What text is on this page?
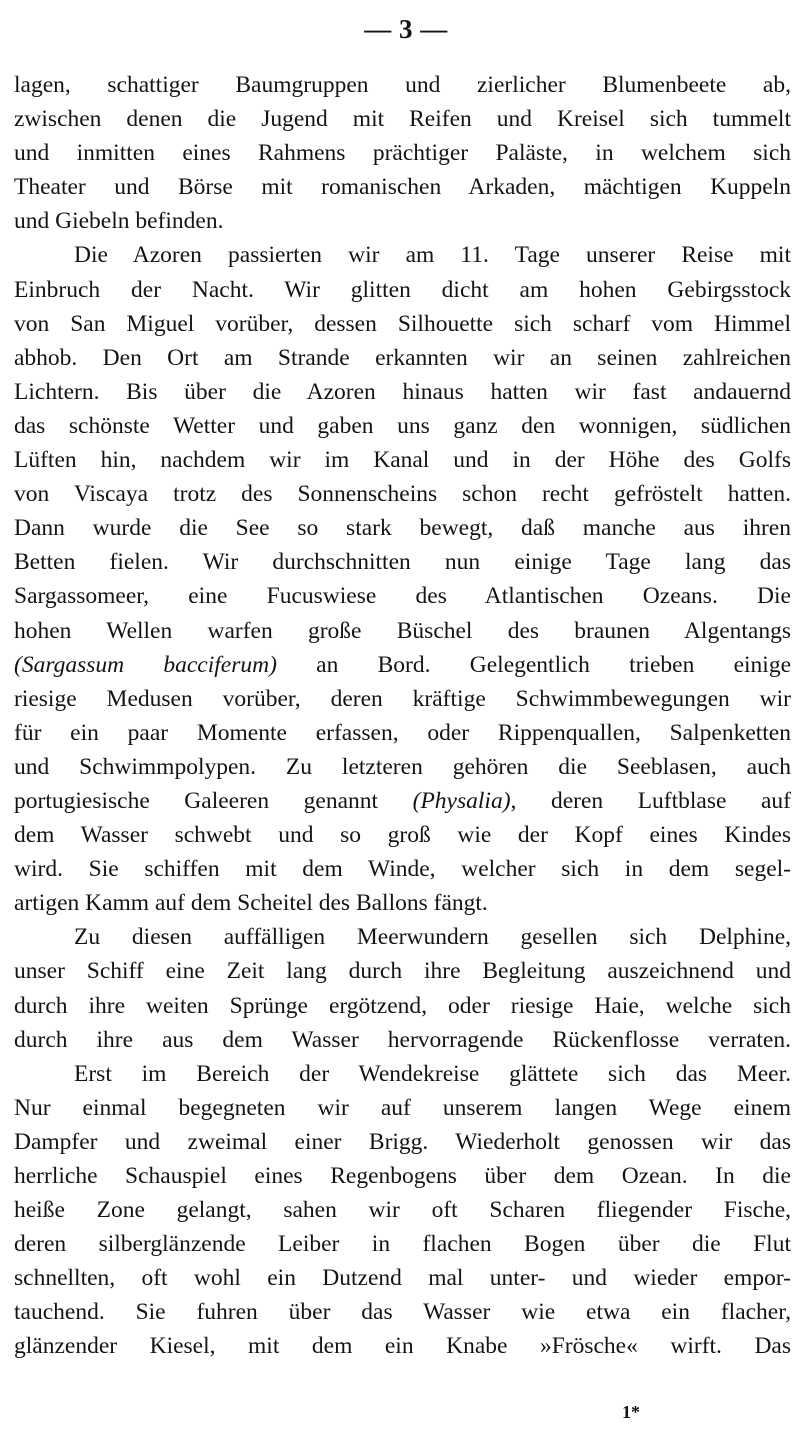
— 3 —
lagen, schattiger Baumgruppen und zierlicher Blumenbeete ab,
zwischen denen die Jugend mit Reifen und Kreisel sich tummelt
und inmitten eines Rahmens prächtiger Paläste, in welchem sich
Theater und Börse mit romanischen Arkaden, mächtigen Kuppeln
und Giebeln befinden.
Die Azoren passierten wir am 11. Tage unserer Reise mit
Einbruch der Nacht. Wir glitten dicht am hohen Gebirgsstock
von San Miguel vorüber, dessen Silhouette sich scharf vom Himmel
abhob. Den Ort am Strande erkannten wir an seinen zahlreichen
Lichtern. Bis über die Azoren hinaus hatten wir fast andauernd
das schönste Wetter und gaben uns ganz den wonnigen, südlichen
Lüften hin, nachdem wir im Kanal und in der Höhe des Golfs
von Viscaya trotz des Sonnenscheins schon recht gefröstelt hatten.
Dann wurde die See so stark bewegt, daß manche aus ihren
Betten fielen. Wir durchschnitten nun einige Tage lang das
Sargassomeer, eine Fucuswiese des Atlantischen Ozeans. Die
hohen Wellen warfen große Büschel des braunen Algentangs
(Sargassum bacciferum) an Bord. Gelegentlich trieben einige
riesige Medusen vorüber, deren kräftige Schwimmbewegungen wir
für ein paar Momente erfassen, oder Rippenquallen, Salpenketten
und Schwimmpolypen. Zu letzteren gehören die Seeblasen, auch
portugiesische Galeeren genannt (Physalia), deren Luftblase auf
dem Wasser schwebt und so groß wie der Kopf eines Kindes
wird. Sie schiffen mit dem Winde, welcher sich in dem segel-
artigen Kamm auf dem Scheitel des Ballons fängt.
Zu diesen auffälligen Meerwundern gesellen sich Delphine,
unser Schiff eine Zeit lang durch ihre Begleitung auszeichnend und
durch ihre weiten Sprünge ergötzend, oder riesige Haie, welche sich
durch ihre aus dem Wasser hervorragende Rückenflosse verraten.
Erst im Bereich der Wendekreise glättete sich das Meer.
Nur einmal begegneten wir auf unserem langen Wege einem
Dampfer und zweimal einer Brigg. Wiederholt genossen wir das
herrliche Schauspiel eines Regenbogens über dem Ozean. In die
heiße Zone gelangt, sahen wir oft Scharen fliegender Fische,
deren silberglänzende Leiber in flachen Bogen über die Flut
schnellten, oft wohl ein Dutzend mal unter- und wieder empor-
tauchend. Sie fuhren über das Wasser wie etwa ein flacher,
glänzender Kiesel, mit dem ein Knabe »Frösche« wirft. Das
1*
